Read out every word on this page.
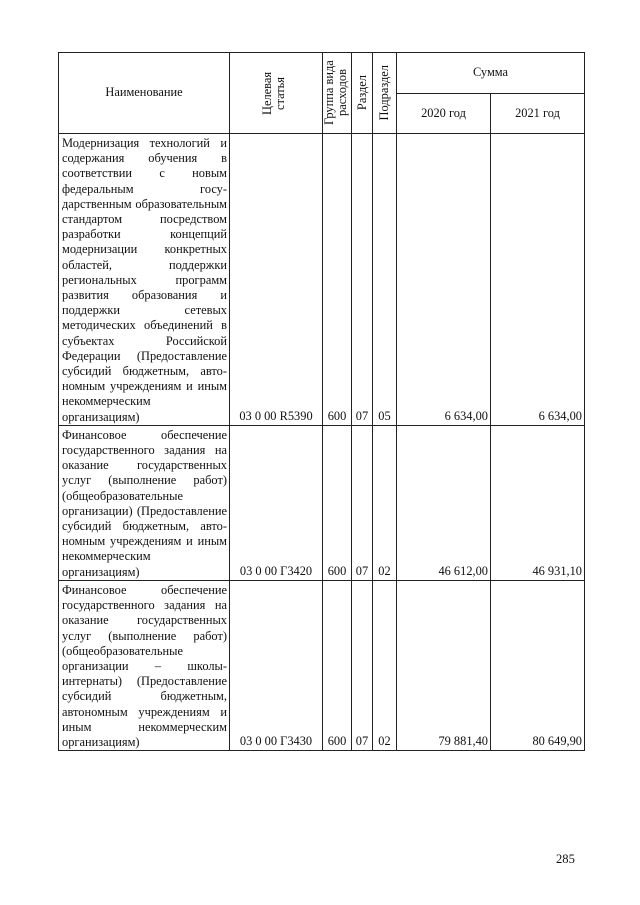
Наименование	Целевая статья	Группа вида расходов	Раздел	Подраздел	Сумма	
					2020 год	2021 год
Модернизация технологий и содержания обучения в соответствии с новым федеральным государственным образовательным стандартом посредством разработки концепций модернизации конкретных областей, поддержки региональных программ развития образования и поддержки сетевых методических объединений в субъектах Российской Федерации (Предоставление субсидий бюджетным, автономным учреждениям и иным некоммерческим организациям)	03 0 00 R5390	600	07	05	6 634,00	6 634,00
Финансовое обеспечение государственного задания на оказание государственных услуг (выполнение работ) (общеобразовательные организации) (Предоставление субсидий бюджетным, автономным учреждениям и иным некоммерческим организациям)	03 0 00 Г3420	600	07	02	46 612,00	46 931,10
Финансовое обеспечение государственного задания на оказание государственных услуг (выполнение работ) (общеобразовательные организации – школы-интернаты) (Предоставление субсидий бюджетным, автономным учреждениям и иным некоммерческим организациям)	03 0 00 Г3430	600	07	02	79 881,40	80 649,90
285
